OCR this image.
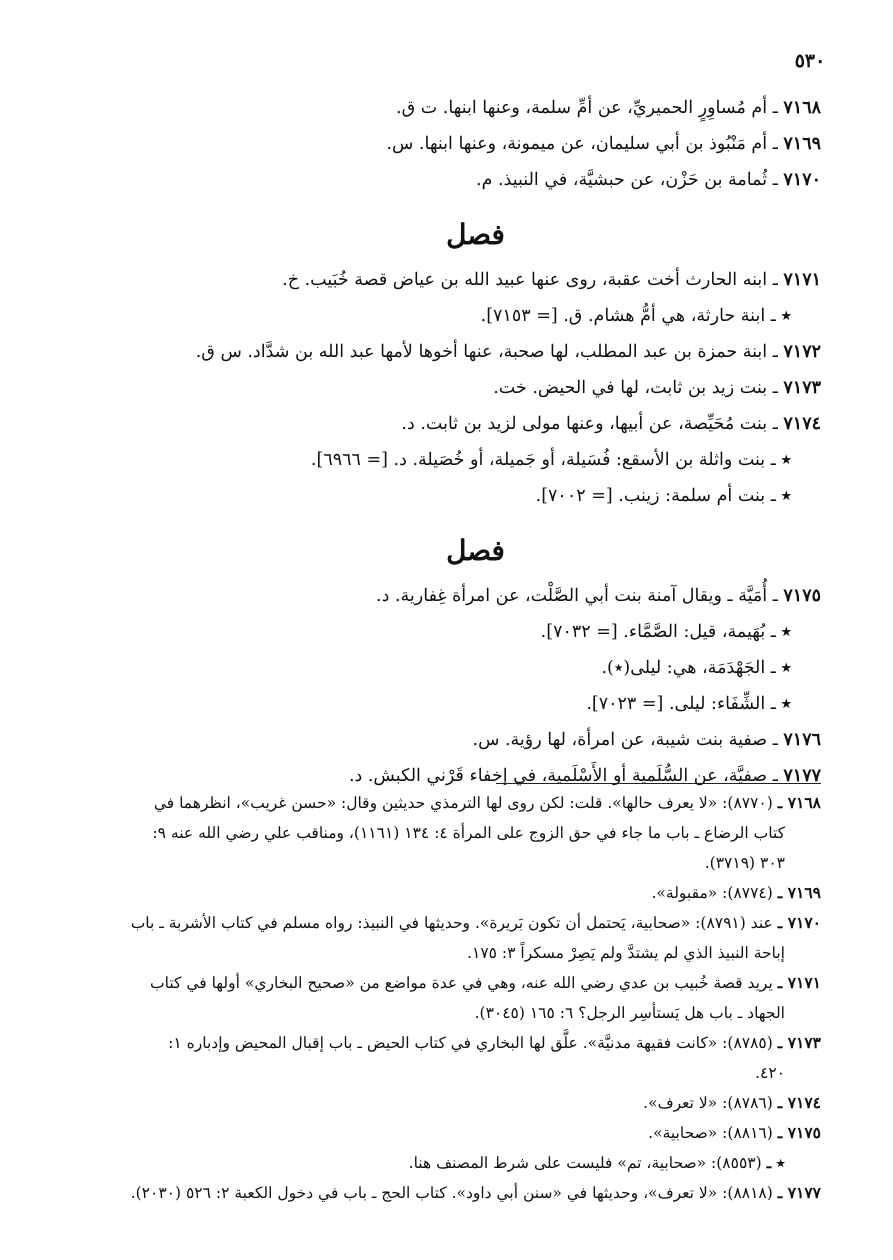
٥٣٠
٧١٦٨ ـ أم مُساوِرٍ الحميريِّ، عن أمِّ سلمة، وعنها ابنها. ت ق.
٧١٦٩ ـ أم مَنْبُوذ بن أبي سليمان، عن ميمونة، وعنها ابنها. س.
٧١٧٠ ـ ثُمامة بن حَزْن، عن حبشيَّة، في النبيذ. م.
فصل
٧١٧١ ـ ابنه الحارث أخت عقبة، روى عنها عبيد الله بن عياض قصة خُبَيب. خ.
٭ ـ ابنة حارثة، هي أمُّ هشام. ق. [= ٧١٥٣].
٧١٧٢ ـ ابنة حمزة بن عبد المطلب، لها صحبة، عنها أخوها لأمها عبد الله بن شدَّاد. س ق.
٧١٧٣ ـ بنت زيد بن ثابت، لها في الحيض. خت.
٧١٧٤ ـ بنت مُحَيِّصة، عن أبيها، وعنها مولى لزيد بن ثابت. د.
٭ ـ بنت واثلة بن الأسقع: فُسَيلة، أو جَميلة، أو خُصَيلة. د. [= ٦٩٦٦].
٭ ـ بنت أم سلمة: زينب. [= ٧٠٠٢].
فصل
٧١٧٥ ـ أُمَيَّة ـ ويقال آمنة بنت أبي الصَّلْت، عن امرأة غِفارية. د.
٭ ـ بُهَيمة، قيل: الصَّمَّاء. [= ٧٠٣٢].
٭ ـ الجَهْدَمَة، هي: ليلى(٭).
٭ ـ الشِّفَاء: ليلى. [= ٧٠٢٣].
٧١٧٦ ـ صفية بنت شيبة، عن امرأة، لها رؤية. س.
٧١٧٧ ـ صفيَّة، عن السُّلَمية أو الأَسْلَمية، في إخفاء قَرْني الكبش. د.
٧١٦٨ ـ (٨٧٧٠): «لا يعرف حالها». قلت: لكن روى لها الترمذي حديثين وقال: «حسن غريب»، انظرهما في
كتاب الرضاع ـ باب ما جاء في حق الزوج على المرأة ٤: ١٣٤ (١١٦١)، ومناقب علي رضي الله عنه ٩:
٣٠٣ (٣٧١٩).
٧١٦٩ ـ (٨٧٧٤): «مقبولة».
٧١٧٠ ـ عند (٨٧٩١): «صحابية، يَحتمل أن تكون بَريرة». وحديثها في النبيذ: رواه مسلم في كتاب الأشربة ـ باب
إباحة النبيذ الذي لم يشتدَّ ولم يَصِرْ مسكراً ٣: ١٧٥.
٧١٧١ ـ يريد قصة خُبيب بن عدي رضي الله عنه، وهي في عدة مواضع من «صحيح البخاري» أولها في كتاب
الجهاد ـ باب هل يَستأسِر الرجل؟ ٦: ١٦٥ (٣٠٤٥).
٧١٧٣ ـ (٨٧٨٥): «كانت فقيهة مدنيَّة». علَّق لها البخاري في كتاب الحيض ـ باب إقبال المحيض وإدباره ١:
٤٢٠.
٧١٧٤ ـ (٨٧٨٦): «لا تعرف».
٧١٧٥ ـ (٨٨١٦): «صحابية».
٭ ـ (٨٥٥٣): «صحابية، تم» فليست على شرط المصنف هنا.
٧١٧٧ ـ (٨٨١٨): «لا تعرف»، وحديثها في «سنن أبي داود». كتاب الحج ـ باب في دخول الكعبة ٢: ٥٢٦ (٢٠٣٠).
